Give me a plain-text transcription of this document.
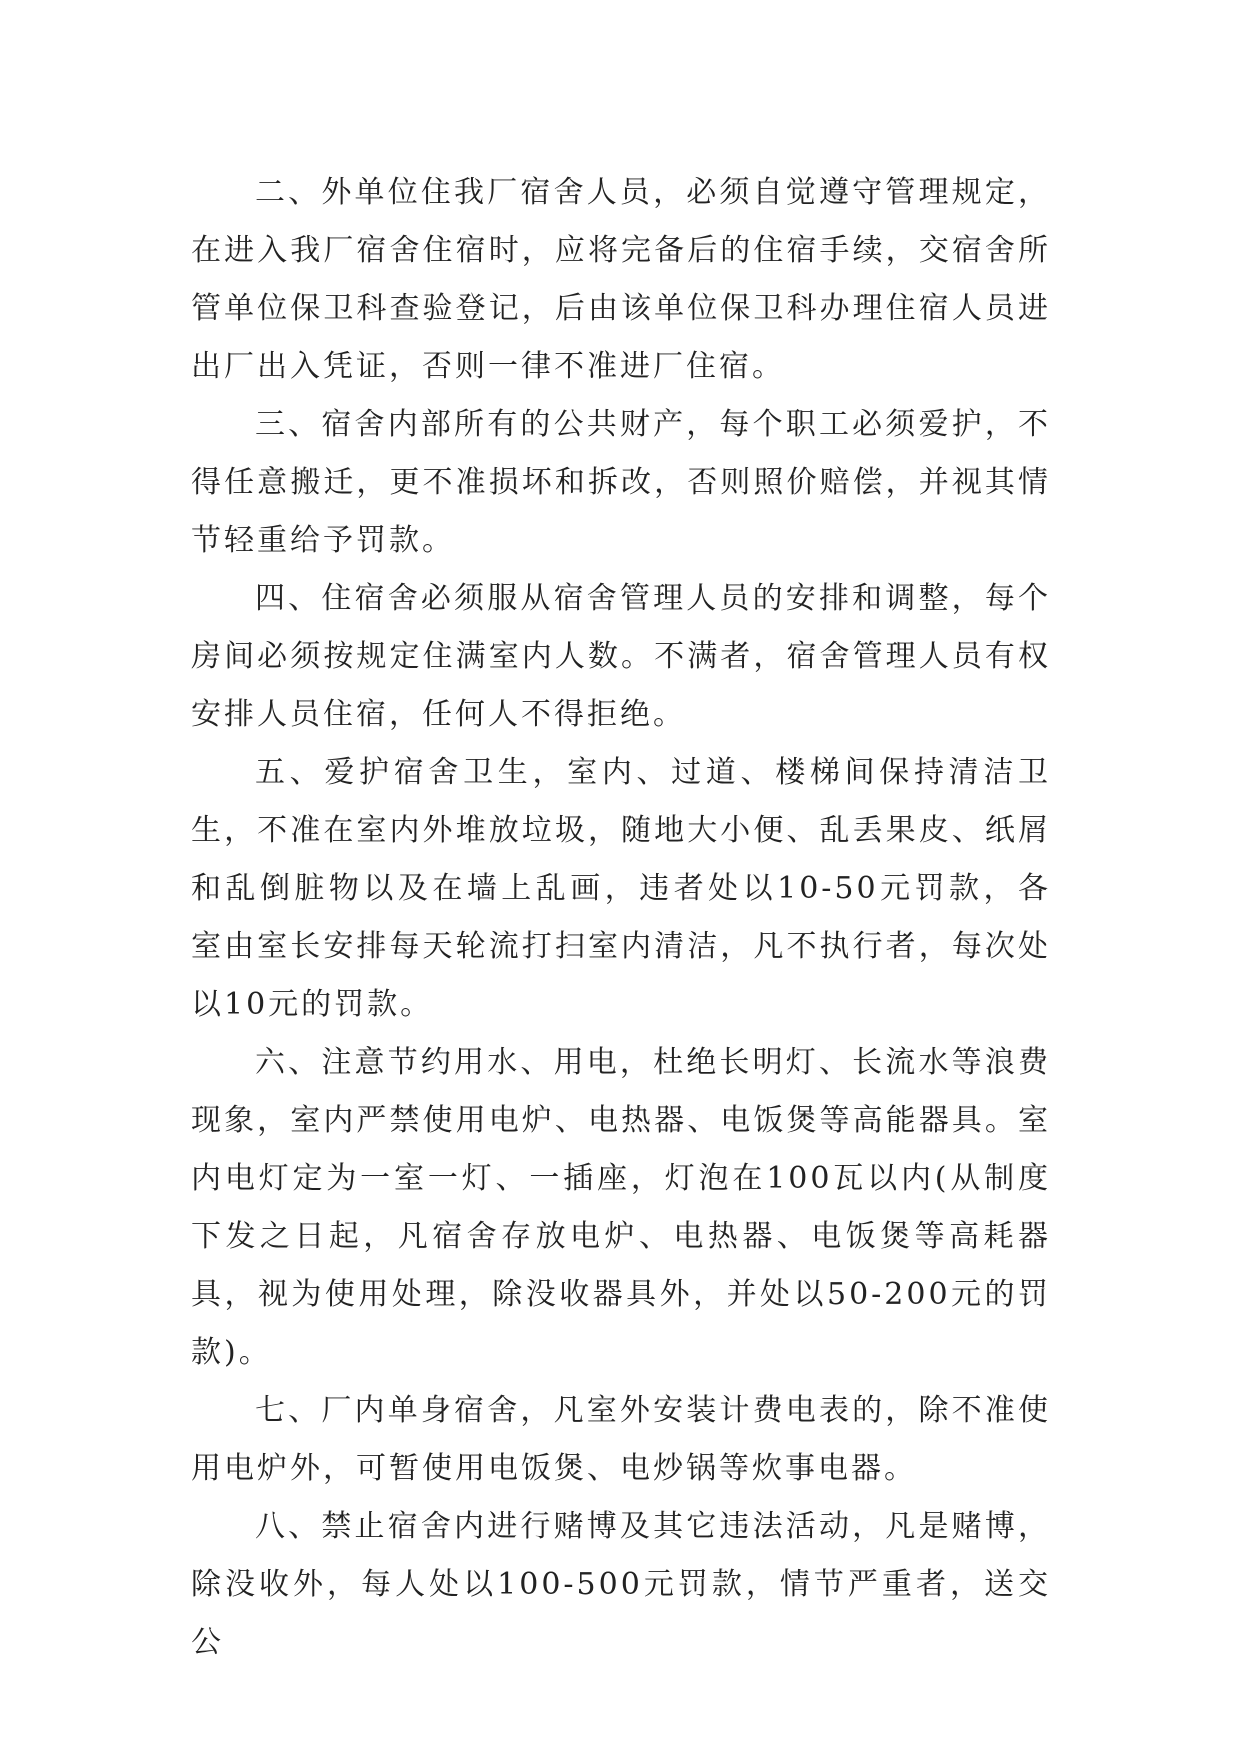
二、外单位住我厂宿舍人员，必须自觉遵守管理规定，在进入我厂宿舍住宿时，应将完备后的住宿手续，交宿舍所管单位保卫科查验登记，后由该单位保卫科办理住宿人员进出厂出入凭证，否则一律不准进厂住宿。

三、宿舍内部所有的公共财产，每个职工必须爱护，不得任意搬迁，更不准损坏和拆改，否则照价赔偿，并视其情节轻重给予罚款。

四、住宿舍必须服从宿舍管理人员的安排和调整，每个房间必须按规定住满室内人数。不满者，宿舍管理人员有权安排人员住宿，任何人不得拒绝。

五、爱护宿舍卫生，室内、过道、楼梯间保持清洁卫生，不准在室内外堆放垃圾，随地大小便、乱丢果皮、纸屑和乱倒脏物以及在墙上乱画，违者处以10-50元罚款，各室由室长安排每天轮流打扫室内清洁，凡不执行者，每次处以10元的罚款。

六、注意节约用水、用电，杜绝长明灯、长流水等浪费现象，室内严禁使用电炉、电热器、电饭煲等高能器具。室内电灯定为一室一灯、一插座，灯泡在100瓦以内(从制度下发之日起，凡宿舍存放电炉、电热器、电饭煲等高耗器具，视为使用处理，除没收器具外，并处以50-200元的罚款)。

七、厂内单身宿舍，凡室外安装计费电表的，除不准使用电炉外，可暂使用电饭煲、电炒锅等炊事电器。

八、禁止宿舍内进行赌博及其它违法活动，凡是赌博，除没收外，每人处以100-500元罚款，情节严重者，送交公
